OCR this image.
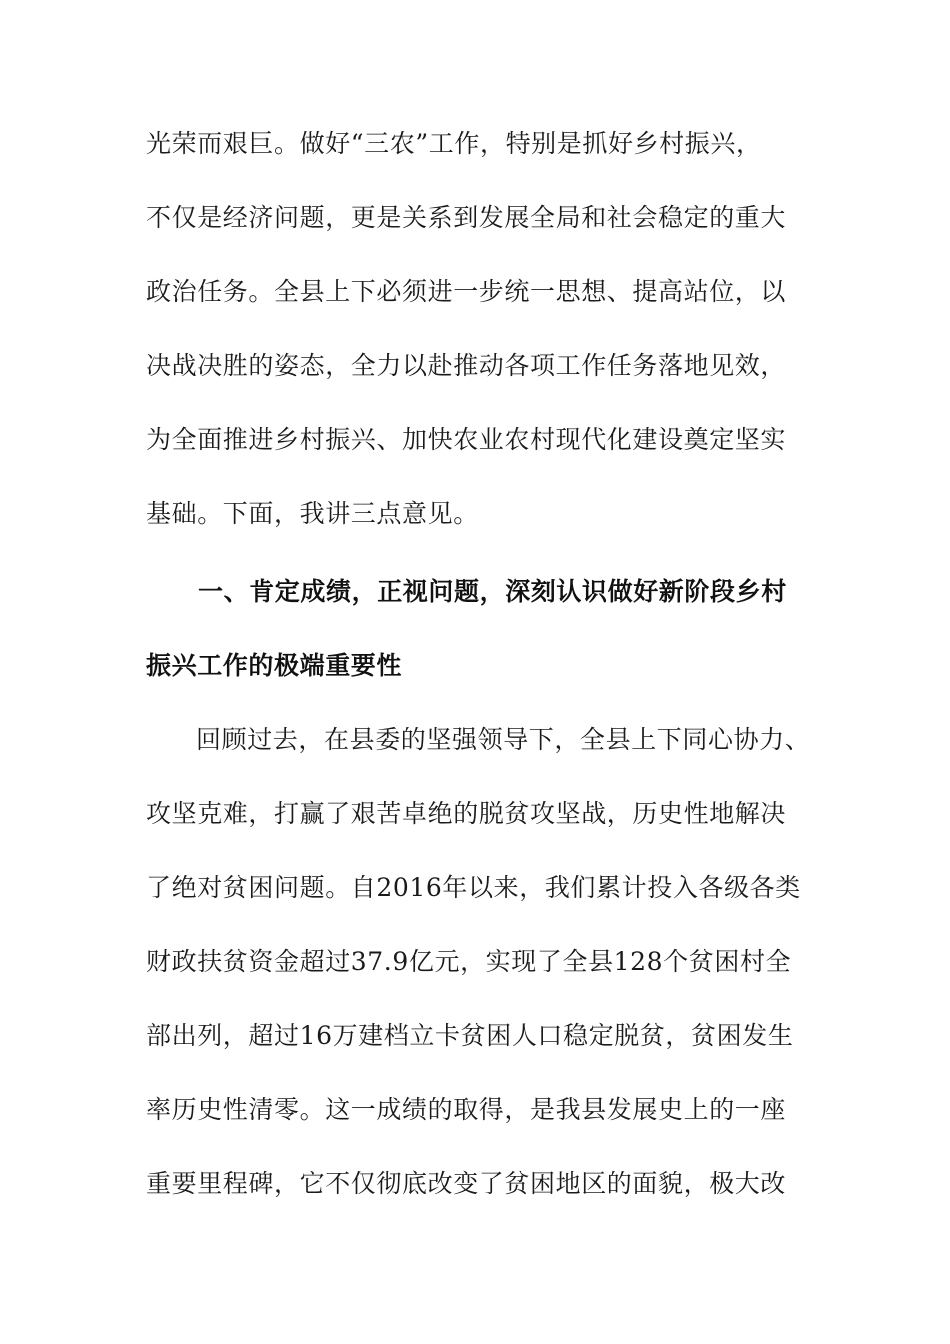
光荣而艰巨。做好“三农”工作，特别是抓好乡村振兴，
不仅是经济问题，更是关系到发展全局和社会稳定的重大
政治任务。全县上下必须进一步统一思想、提高站位，以
决战决胜的姿态，全力以赴推动各项工作任务落地见效，
为全面推进乡村振兴、加快农业农村现代化建设奠定坚实
基础。下面，我讲三点意见。
一、肯定成绩，正视问题，深刻认识做好新阶段乡村
振兴工作的极端重要性
回顾过去，在县委的坚强领导下，全县上下同心协力、
攻坚克难，打赢了艰苦卓绝的脱贫攻坚战，历史性地解决
了绝对贫困问题。自2016年以来，我们累计投入各级各类
财政扶贫资金超过37.9亿元，实现了全县128个贫困村全
部出列，超过16万建档立卡贫困人口稳定脱贫，贫困发生
率历史性清零。这一成绩的取得，是我县发展史上的一座
重要里程碑，它不仅彻底改变了贫困地区的面貌，极大改
